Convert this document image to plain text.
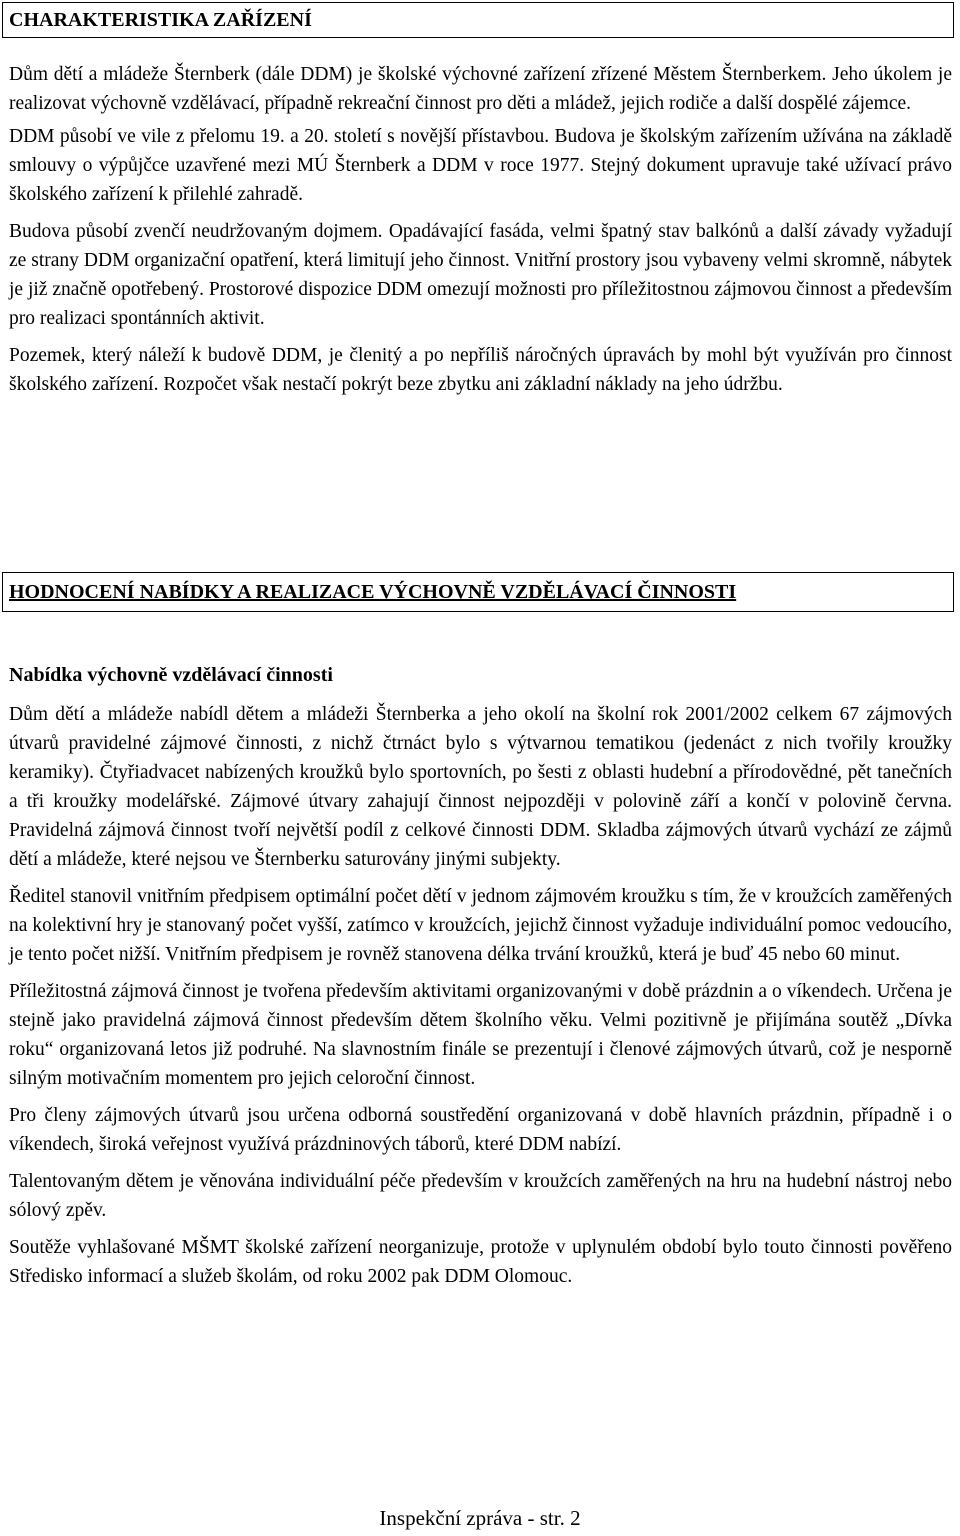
CHARAKTERISTIKA ZAŘÍZENÍ

Dům dětí a mládeže Šternberk (dále DDM) je školské výchovné zařízení zřízené Městem Šternberkem. Jeho úkolem je realizovat výchovně vzdělávací, případně rekreační činnost pro děti a mládež, jejich rodiče a další dospělé zájemce.

DDM působí ve vile z přelomu 19. a 20. století s novější přístavbou. Budova je školským zařízením užívána na základě smlouvy o výpůjčce uzavřené mezi MÚ Šternberk a DDM v roce 1977. Stejný dokument upravuje také užívací právo školského zařízení k přilehlé zahradě.

Budova působí zvenčí neudržovaným dojmem. Opadávající fasáda, velmi špatný stav balkónů a další závady vyžadují ze strany DDM organizační opatření, která limitují jeho činnost. Vnitřní prostory jsou vybaveny velmi skromně, nábytek je již značně opotřebený. Prostorové dispozice DDM omezují možnosti pro příležitostnou zájmovou činnost a především pro realizaci spontánních aktivit.

Pozemek, který náleží k budově DDM, je členitý a po nepříliš náročných úpravách by mohl být využíván pro činnost školského zařízení. Rozpočet však nestačí pokrýt beze zbytku ani základní náklady na jeho údržbu.

HODNOCENÍ NABÍDKY A REALIZACE VÝCHOVNĚ VZDĚLÁVACÍ ČINNOSTI
Nabídka výchovně vzdělávací činnosti

Dům dětí a mládeže nabídl dětem a mládeži Šternberka a jeho okolí na školní rok 2001/2002 celkem 67 zájmových útvarů pravidelné zájmové činnosti, z nichž čtrnáct bylo s výtvarnou tematikou (jedenáct z nich tvořily kroužky keramiky). Čtyřiadvacet nabízených kroužků bylo sportovních, po šesti z oblasti hudební a přírodovědné, pět tanečních a tři kroužky modelářské. Zájmové útvary zahajují činnost nejpozději v polovině září a končí v polovině června. Pravidelná zájmová činnost tvoří největší podíl z celkové činnosti DDM. Skladba zájmových útvarů vychází ze zájmů dětí a mládeže, které nejsou ve Šternberku saturovány jinými subjekty.

Ředitel stanovil vnitřním předpisem optimální počet dětí v jednom zájmovém kroužku s tím, že v kroužcích zaměřených na kolektivní hry je stanovaný počet vyšší, zatímco v kroužcích, jejichž činnost vyžaduje individuální pomoc vedoucího, je tento počet nižší. Vnitřním předpisem je rovněž stanovena délka trvání kroužků, která je buď 45 nebo 60 minut.

Příležitostná zájmová činnost je tvořena především aktivitami organizovanými v době prázdnin a o víkendech. Určena je stejně jako pravidelná zájmová činnost především dětem školního věku. Velmi pozitivně je přijímána soutěž „Dívka roku“ organizovaná letos již podruhé. Na slavnostním finále se prezentují i členové zájmových útvarů, což je nesporně silným motivačním momentem pro jejich celoroční činnost.

Pro členy zájmových útvarů jsou určena odborná soustředění organizovaná v době hlavních prázdnin, případně i o víkendech, široká veřejnost využívá prázdninových táborů, které DDM nabízí.

Talentovaným dětem je věnována individuální péče především v kroužcích zaměřených na hru na hudební nástroj nebo sólový zpěv.

Soutěže vyhlašované MŠMT školské zařízení neorganizuje, protože v uplynulém období bylo touto činnosti pověřeno Středisko informací a služeb školám, od roku 2002 pak DDM Olomouc.

Inspekční zpráva - str. 2
